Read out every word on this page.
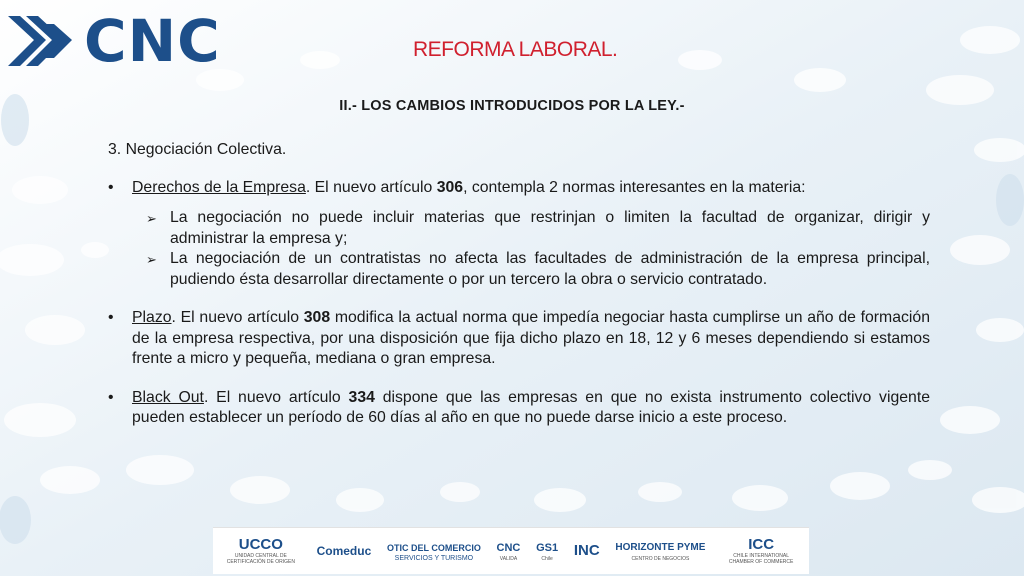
CNC	REFORMA LABORAL.
II.- LOS CAMBIOS INTRODUCIDOS POR LA LEY.-
3. Negociación Colectiva.
• Derechos de la Empresa. El nuevo artículo 306, contempla 2 normas interesantes en la materia:
➢ La negociación no puede incluir materias que restrinjan o limiten la facultad de organizar, dirigir y administrar la empresa y;
➢ La negociación de un contratistas no afecta las facultades de administración de la empresa principal, pudiendo ésta desarrollar directamente o por un tercero la obra o servicio contratado.
• Plazo. El nuevo artículo 308 modifica la actual norma que impedía negociar hasta cumplirse un año de formación de la empresa respectiva, por una disposición que fija dicho plazo en 18, 12 y 6 meses dependiendo si estamos frente a micro y pequeña, mediana o gran empresa.
• Black Out. El nuevo artículo 334 dispone que las empresas en que no exista instrumento colectivo vigente pueden establecer un período de 60 días al año en que no puede darse inicio a este proceso.
UCCO
UNIDAD CENTRAL DE CERTIFICACIÓN DE ORIGEN
Comeduc OTIC DEL COMERCIO
SERVICIOS Y TURISMO
CNC
VALIDA
GS1
Chile INC HORIZONTE PYME
CENTRO DE NEGOCIOS
ICC
CHILE INTERNATIONAL CHAMBER OF COMMERCE
